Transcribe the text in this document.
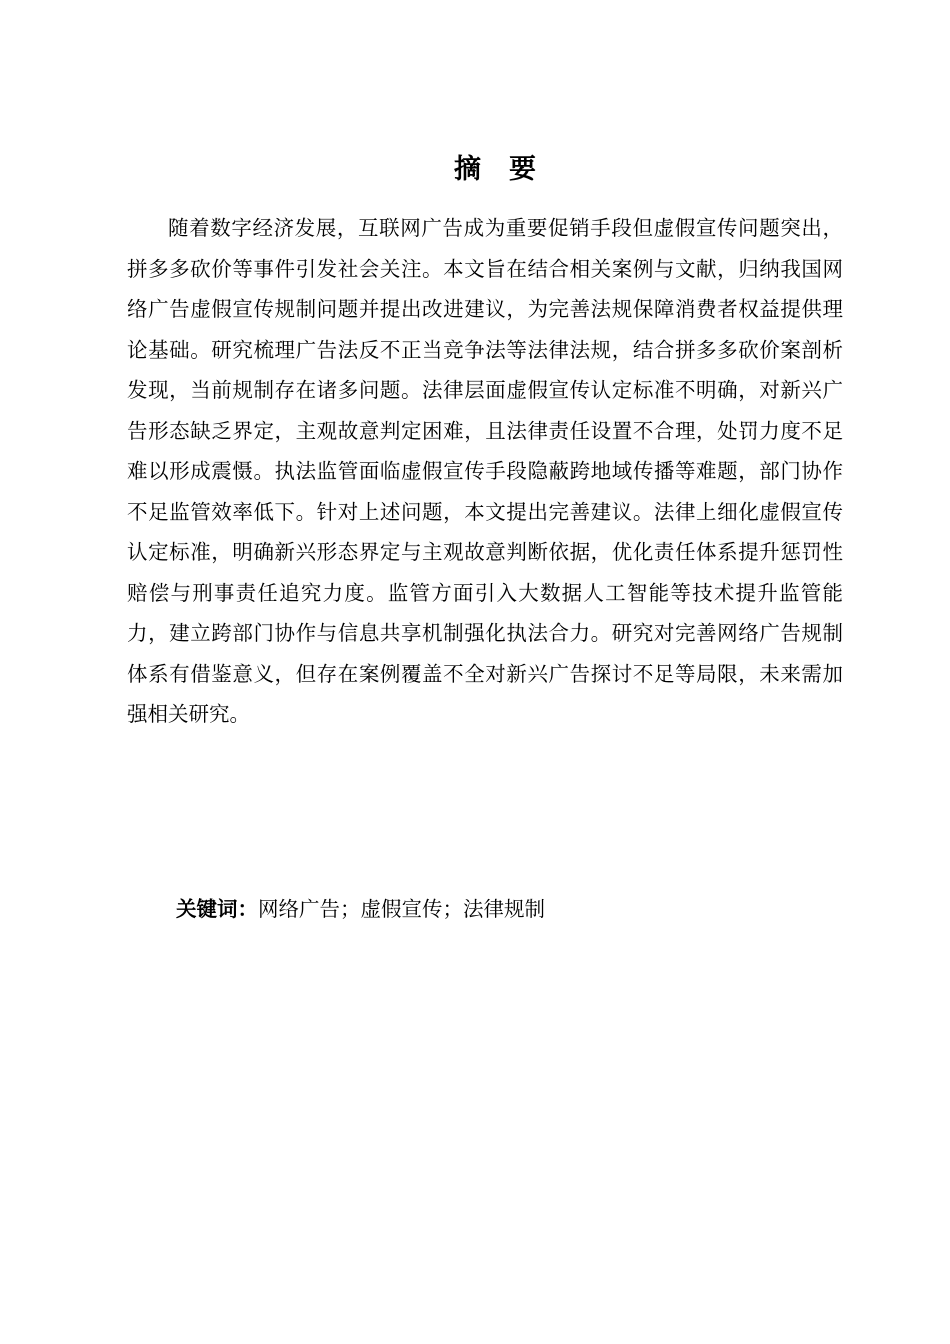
摘 要

随着数字经济发展，互联网广告成为重要促销手段但虚假宣传问题突出，拼多多砍价等事件引发社会关注。本文旨在结合相关案例与文献，归纳我国网络广告虚假宣传规制问题并提出改进建议，为完善法规保障消费者权益提供理论基础。研究梳理广告法反不正当竞争法等法律法规，结合拼多多砍价案剖析发现，当前规制存在诸多问题。法律层面虚假宣传认定标准不明确，对新兴广告形态缺乏界定，主观故意判定困难，且法律责任设置不合理，处罚力度不足难以形成震慑。执法监管面临虚假宣传手段隐蔽跨地域传播等难题，部门协作不足监管效率低下。针对上述问题，本文提出完善建议。法律上细化虚假宣传认定标准，明确新兴形态界定与主观故意判断依据，优化责任体系提升惩罚性赔偿与刑事责任追究力度。监管方面引入大数据人工智能等技术提升监管能力，建立跨部门协作与信息共享机制强化执法合力。研究对完善网络广告规制体系有借鉴意义，但存在案例覆盖不全对新兴广告探讨不足等局限，未来需加强相关研究。

关键词：网络广告；虚假宣传；法律规制
